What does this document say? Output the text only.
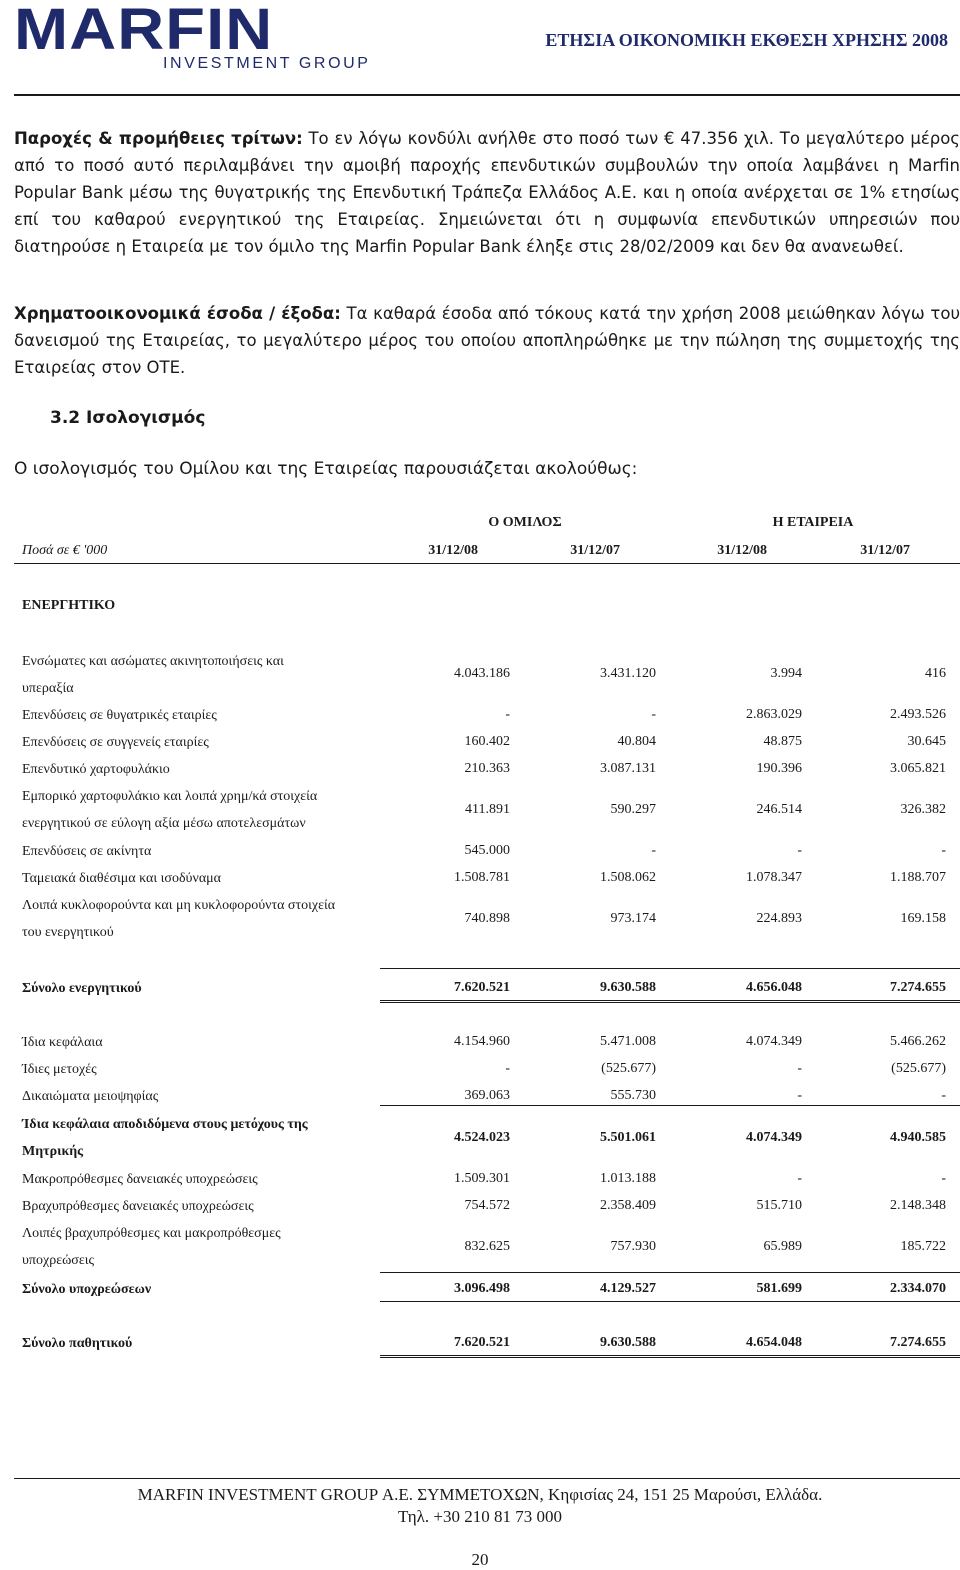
MARFIN
INVESTMENT GROUP
ΕΤΗΣΙΑ ΟΙΚΟΝΟΜΙΚΗ ΕΚΘΕΣΗ ΧΡΗΣΗΣ 2008
Παροχές & προμήθειες τρίτων: Το εν λόγω κονδύλι ανήλθε στο ποσό των € 47.356 χιλ. Το μεγαλύτερο μέρος από το ποσό αυτό περιλαμβάνει την αμοιβή παροχής επενδυτικών συμβουλών την οποία λαμβάνει η Marfin Popular Bank μέσω της θυγατρικής της Επενδυτική Τράπεζα Ελλάδος Α.Ε. και η οποία ανέρχεται σε 1% ετησίως επί του καθαρού ενεργητικού της Εταιρείας. Σημειώνεται ότι η συμφωνία επενδυτικών υπηρεσιών που διατηρούσε η Εταιρεία με τον όμιλο της Marfin Popular Bank έληξε στις 28/02/2009 και δεν θα ανανεωθεί.
Χρηματοοικονομικά έσοδα / έξοδα: Τα καθαρά έσοδα από τόκους κατά την χρήση 2008 μειώθηκαν λόγω του δανεισμού της Εταιρείας, το μεγαλύτερο μέρος του οποίου αποπληρώθηκε με την πώληση της συμμετοχής της Εταιρείας στον ΟΤΕ.
3.2 Ισολογισμός
Ο ισολογισμός του Ομίλου και της Εταιρείας παρουσιάζεται ακολούθως:
Ο ΟΜΙΛΟΣ	Η ΕΤΑΙΡΕΙΑ
Ποσά σε € '000	31/12/08	31/12/07	31/12/08	31/12/07
ΕΝΕΡΓΗΤΙΚΟ
Ενσώματες και ασώματες ακινητοποιήσεις και
υπεραξία
4.043.186	3.431.120	3.994	416
Επενδύσεις σε θυγατρικές εταιρίες	-	-	2.863.029	2.493.526
Επενδύσεις σε συγγενείς εταιρίες	160.402	40.804	48.875	30.645
Επενδυτικό χαρτοφυλάκιο	210.363	3.087.131	190.396	3.065.821
Εμπορικό χαρτοφυλάκιο και λοιπά χρημ/κά στοιχεία
ενεργητικού σε εύλογη αξία μέσω αποτελεσμάτων
411.891	590.297	246.514	326.382
Επενδύσεις σε ακίνητα	545.000	-	-	-
Ταμειακά διαθέσιμα και ισοδύναμα	1.508.781	1.508.062	1.078.347	1.188.707
Λοιπά κυκλοφορούντα και μη κυκλοφορούντα στοιχεία
του ενεργητικού
740.898	973.174	224.893	169.158
Σύνολο ενεργητικού	7.620.521	9.630.588	4.656.048	7.274.655
Ίδια κεφάλαια	4.154.960	5.471.008	4.074.349	5.466.262
Ίδιες μετοχές	-	(525.677)	-	(525.677)
Δικαιώματα μειοψηφίας	369.063	555.730	-	-
Ίδια κεφάλαια αποδιδόμενα στους μετόχους της
Μητρικής
4.524.023	5.501.061	4.074.349	4.940.585
Μακροπρόθεσμες δανειακές υποχρεώσεις	1.509.301	1.013.188	-	-
Βραχυπρόθεσμες δανειακές υποχρεώσεις	754.572	2.358.409	515.710	2.148.348
Λοιπές βραχυπρόθεσμες και μακροπρόθεσμες
υποχρεώσεις
832.625	757.930	65.989	185.722
Σύνολο υποχρεώσεων	3.096.498	4.129.527	581.699	2.334.070
Σύνολο παθητικού	7.620.521	9.630.588	4.654.048	7.274.655
MARFIN INVESTMENT GROUP Α.Ε. ΣΥΜΜΕΤΟΧΩΝ, Κηφισίας 24, 151 25 Μαρούσι, Ελλάδα.
Τηλ. +30 210 81 73 000
20
